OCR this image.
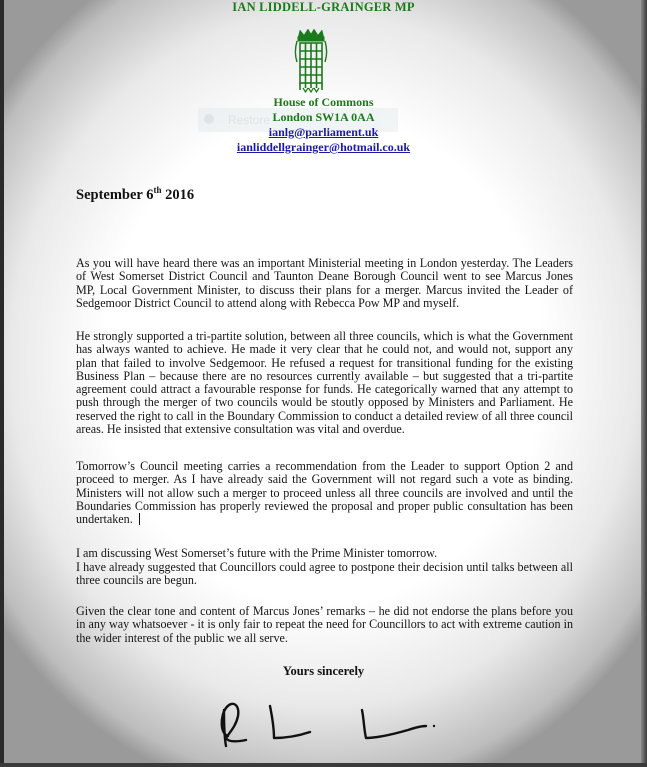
IAN LIDDELL-GRAINGER MP
Restore
House of Commons
London SW1A 0AA
ianlg@parliament.uk
ianliddellgrainger@hotmail.co.uk
September 6th 2016
As you will have heard there was an important Ministerial meeting in London yesterday. The Leaders of West Somerset District Council and Taunton Deane Borough Council went to see Marcus Jones MP, Local Government Minister, to discuss their plans for a merger. Marcus invited the Leader of Sedgemoor District Council to attend along with Rebecca Pow MP and myself.
He strongly supported a tri-partite solution, between all three councils, which is what the Government has always wanted to achieve. He made it very clear that he could not, and would not, support any plan that failed to involve Sedgemoor. He refused a request for transitional funding for the existing Business Plan – because there are no resources currently available – but suggested that a tri-partite agreement could attract a favourable response for funds. He categorically warned that any attempt to push through the merger of two councils would be stoutly opposed by Ministers and Parliament. He reserved the right to call in the Boundary Commission to conduct a detailed review of all three council areas. He insisted that extensive consultation was vital and overdue.
Tomorrow’s Council meeting carries a recommendation from the Leader to support Option 2 and proceed to merger. As I have already said the Government will not regard such a vote as binding. Ministers will not allow such a merger to proceed unless all three councils are involved and until the Boundaries Commission has properly reviewed the proposal and proper public consultation has been undertaken.
I am discussing West Somerset’s future with the Prime Minister tomorrow.
I have already suggested that Councillors could agree to postpone their decision until talks between all three councils are begun.
Given the clear tone and content of Marcus Jones’ remarks – he did not endorse the plans before you in any way whatsoever - it is only fair to repeat the need for Councillors to act with extreme caution in the wider interest of the public we all serve.
Yours sincerely
